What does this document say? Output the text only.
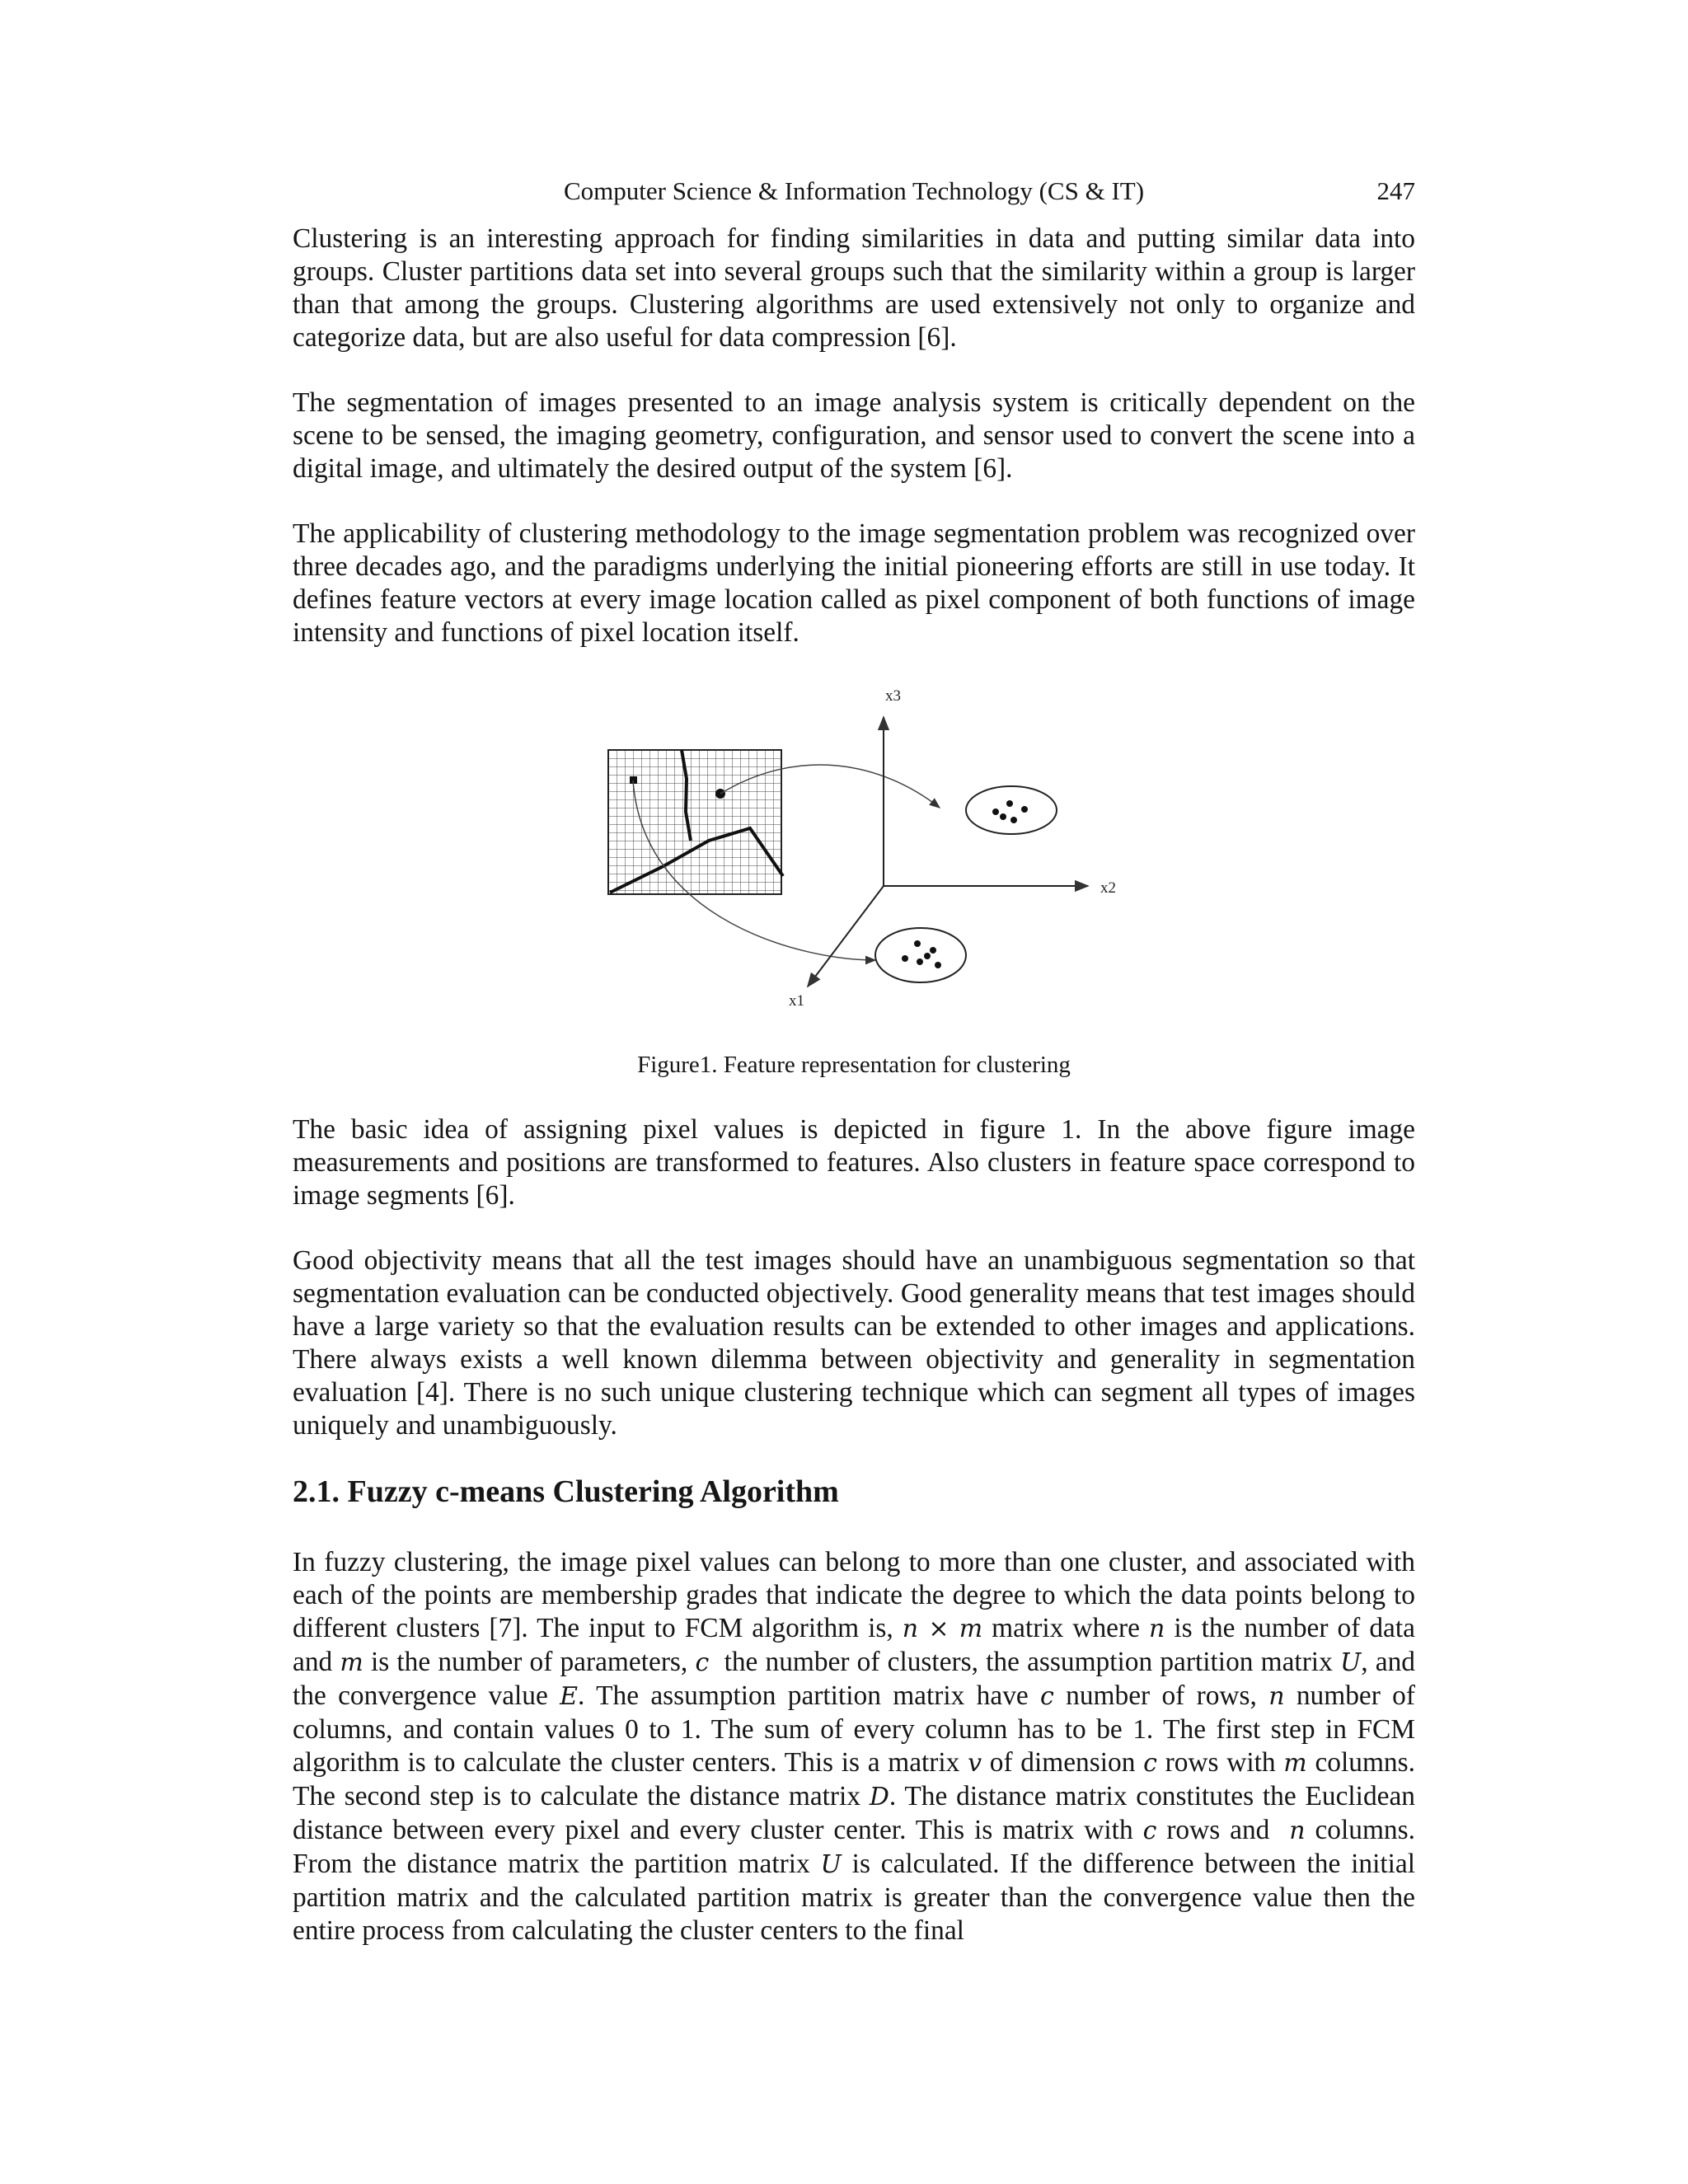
Computer Science & Information Technology (CS & IT)	247

Clustering is an interesting approach for finding similarities in data and putting similar data into groups. Cluster partitions data set into several groups such that the similarity within a group is larger than that among the groups. Clustering algorithms are used extensively not only to organize and categorize data, but are also useful for data compression [6].

The segmentation of images presented to an image analysis system is critically dependent on the scene to be sensed, the imaging geometry, configuration, and sensor used to convert the scene into a digital image, and ultimately the desired output of the system [6].

The applicability of clustering methodology to the image segmentation problem was recognized over three decades ago, and the paradigms underlying the initial pioneering efforts are still in use today. It defines feature vectors at every image location called as pixel component of both functions of image intensity and functions of pixel location itself.

x3
x2
x1
Figure1. Feature representation for clustering

The basic idea of assigning pixel values is depicted in figure 1. In the above figure image measurements and positions are transformed to features. Also clusters in feature space correspond to image segments [6].

Good objectivity means that all the test images should have an unambiguous segmentation so that segmentation evaluation can be conducted objectively. Good generality means that test images should have a large variety so that the evaluation results can be extended to other images and applications. There always exists a well known dilemma between objectivity and generality in segmentation evaluation [4]. There is no such unique clustering technique which can segment all types of images uniquely and unambiguously.

2.1. Fuzzy c-means Clustering Algorithm

In fuzzy clustering, the image pixel values can belong to more than one cluster, and associated with each of the points are membership grades that indicate the degree to which the data points belong to different clusters [7]. The input to FCM algorithm is, n × m matrix where n is the number of data and m is the number of parameters, c the number of clusters, the assumption partition matrix U, and the convergence value E. The assumption partition matrix have c number of rows, n number of columns, and contain values 0 to 1. The sum of every column has to be 1. The first step in FCM algorithm is to calculate the cluster centers. This is a matrix v of dimension c rows with m columns. The second step is to calculate the distance matrix D. The distance matrix constitutes the Euclidean distance between every pixel and every cluster center. This is matrix with c rows and n columns. From the distance matrix the partition matrix U is calculated. If the difference between the initial partition matrix and the calculated partition matrix is greater than the convergence value then the entire process from calculating the cluster centers to the final
